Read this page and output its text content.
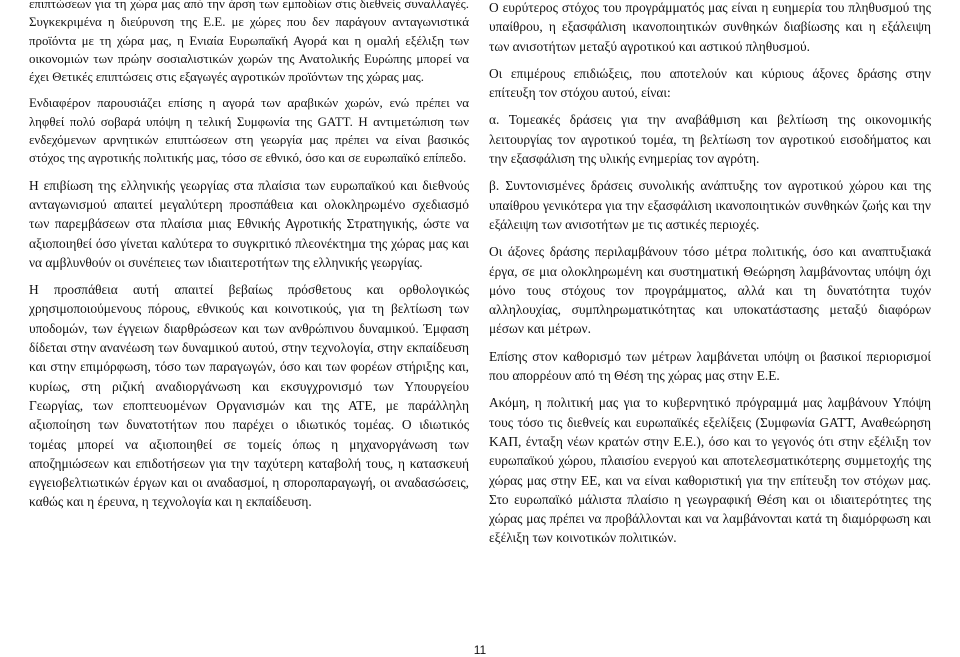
επιπτώσεων για τη χώρα μας από την άρση των εμποδίων στις διεθνείς συναλλαγές. Συγκεκριμένα η διεύρυνση της Ε.Ε. με χώρες που δεν παράγουν ανταγωνιστικά προϊόντα με τη χώρα μας, η Ενιαία Ευρωπαϊκή Αγορά και η ομαλή εξέλιξη των οικονομιών των πρώην σοσιαλιστικών χωρών της Ανατολικής Ευρώπης μπορεί να έχει Θετικές επιπτώσεις στις εξαγωγές αγροτικών προϊόντων της χώρας μας.

Ενδιαφέρον παρουσιάζει επίσης η αγορά των αραβικών χωρών, ενώ πρέπει να ληφθεί πολύ σοβαρά υπόψη η τελική Συμφωνία της GATT. Η αντιμετώπιση των ενδεχόμενων αρνητικών επιπτώσεων στη γεωργία μας πρέπει να είναι βασικός στόχος της αγροτικής πολιτικής μας, τόσο σε εθνικό, όσο και σε ευρωπαϊκό επίπεδο.

Η επιβίωση της ελληνικής γεωργίας στα πλαίσια των ευρωπαϊκού και διεθνούς ανταγωνισμού απαιτεί μεγαλύτερη προσπάθεια και ολοκληρωμένο σχεδιασμό των παρεμβάσεων στα πλαίσια μιας Εθνικής Αγροτικής Στρατηγικής, ώστε να αξιοποιηθεί όσο γίνεται καλύτερα το συγκριτικό πλεονέκτημα της χώρας μας και να αμβλυνθούν οι συνέπειες των ιδιαιτεροτήτων της ελληνικής γεωργίας.

Η προσπάθεια αυτή απαιτεί βεβαίως πρόσθετους και ορθολογικώς χρησιμοποιούμενους πόρους, εθνικούς και κοινοτικούς, για τη βελτίωση των υποδομών, των έγγειων διαρθρώσεων και των ανθρώπινου δυναμικού. Έμφαση δίδεται στην ανανέωση των δυναμικού αυτού, στην τεχνολογία, στην εκπαίδευση και στην επιμόρφωση, τόσο των παραγωγών, όσο και των φορέων στήριξης και, κυρίως, στη ριζική αναδιοργάνωση και εκσυγχρονισμό των Υπουργείου Γεωργίας, των εποπτευομένων Οργανισμών και της ΑΤΕ, με παράλληλη αξιοποίηση των δυνατοτήτων που παρέχει ο ιδιωτικός τομέας. Ο ιδιωτικός τομέας μπορεί να αξιοποιηθεί σε τομείς όπως η μηχανοργάνωση των αποζημιώσεων και επιδοτήσεων για την ταχύτερη καταβολή τους, η κατασκευή εγγειοβελτιωτικών έργων και οι αναδασμοί, η σπορoπαραγωγή, οι αναδασώσεις, καθώς και η έρευνα, η τεχνολογία και η εκπαίδευση.

Ο ευρύτερος στόχος του προγράμματός μας είναι η ευημερία του πληθυσμού της υπαίθρου, η εξασφάλιση ικανοποιητικών συνθηκών διαβίωσης και η εξάλειψη των ανισοτήτων μεταξύ αγροτικού και αστικού πληθυσμού.

Οι επιμέρους επιδιώξεις, που αποτελούν και κύριους άξονες δράσης στην επίτευξη τον στόχου αυτού, είναι:

α. Τομεακές δράσεις για την αναβάθμιση και βελτίωση της οικονομικής λειτουργίας τον αγροτικού τομέα, τη βελτίωση τον αγροτικού εισοδήματος και την εξασφάλιση της υλικής ενημερίας τον αγρότη.

β. Συντονισμένες δράσεις συνολικής ανάπτυξης τον αγροτικού χώρου και της υπαίθρου γενικότερα για την εξασφάλιση ικανοποιητικών συνθηκών ζωής και την εξάλειψη των ανισοτήτων με τις αστικές περιοχές.

Οι άξονες δράσης περιλαμβάνουν τόσο μέτρα πολιτικής, όσο και αναπτυξιακά έργα, σε μια ολοκληρωμένη και συστηματική Θεώρηση λαμβάνοντας υπόψη όχι μόνο τους στόχους τον προγράμματος, αλλά και τη δυνατότητα τυχόν αλληλουχίας, συμπληρωματικότητας και υποκατάστασης μεταξύ διαφόρων μέσων και μέτρων.

Επίσης στον καθορισμό των μέτρων λαμβάνεται υπόψη οι βασικοί περιορισμοί που απορρέουν από τη Θέση της χώρας μας στην Ε.Ε.

Ακόμη, η πολιτική μας για το κυβερνητικό πρόγραμμά μας λαμβάνουν Υπόψη τους τόσο τις διεθνείς και ευρωπαϊκές εξελίξεις (Συμφωνία GATT, Αναθεώρηση ΚΑΠ, ένταξη νέων κρατών στην Ε.Ε.), όσο και το γεγονός ότι στην εξέλιξη τον ευρωπαϊκού χώρου, πλαισίου ενεργού και αποτελεσματικότερης συμμετοχής της χώρας μας στην ΕΕ, και να είναι καθοριστική για την επίτευξη τον στόχων μας. Στο ευρωπαϊκό μάλιστα πλαίσιο η γεωγραφική Θέση και οι ιδιαιτερότητες της χώρας μας πρέπει να προβάλλονται και να λαμβάνονται κατά τη διαμόρφωση και εξέλιξη των κοινοτικών πολιτικών.

11
